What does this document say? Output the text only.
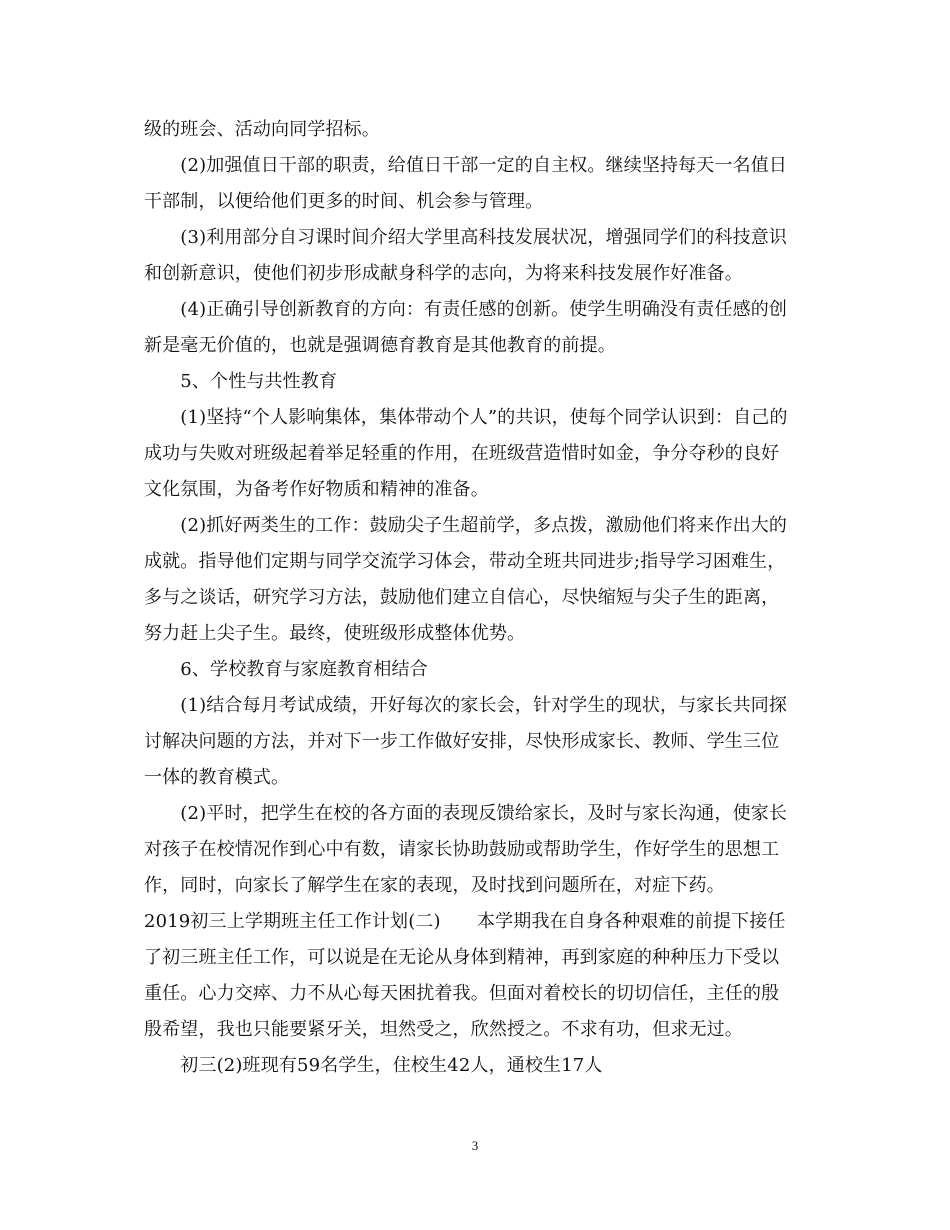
级的班会、活动向同学招标。
　　(2)加强值日干部的职责，给值日干部一定的自主权。继续坚持每天一名值日
干部制，以便给他们更多的时间、机会参与管理。
　　(3)利用部分自习课时间介绍大学里高科技发展状况，增强同学们的科技意识
和创新意识，使他们初步形成献身科学的志向，为将来科技发展作好准备。
　　(4)正确引导创新教育的方向：有责任感的创新。使学生明确没有责任感的创
新是毫无价值的，也就是强调德育教育是其他教育的前提。
　　5、个性与共性教育
　　(1)坚持“个人影响集体，集体带动个人”的共识，使每个同学认识到：自己的
成功与失败对班级起着举足轻重的作用，在班级营造惜时如金，争分夺秒的良好
文化氛围，为备考作好物质和精神的准备。
　　(2)抓好两类生的工作：鼓励尖子生超前学，多点拨，激励他们将来作出大的
成就。指导他们定期与同学交流学习体会，带动全班共同进步;指导学习困难生，
多与之谈话，研究学习方法，鼓励他们建立自信心，尽快缩短与尖子生的距离，
努力赶上尖子生。最终，使班级形成整体优势。
　　6、学校教育与家庭教育相结合
　　(1)结合每月考试成绩，开好每次的家长会，针对学生的现状，与家长共同探
讨解决问题的方法，并对下一步工作做好安排，尽快形成家长、教师、学生三位
一体的教育模式。
　　(2)平时，把学生在校的各方面的表现反馈给家长，及时与家长沟通，使家长
对孩子在校情况作到心中有数，请家长协助鼓励或帮助学生，作好学生的思想工
作，同时，向家长了解学生在家的表现，及时找到问题所在，对症下药。
2019初三上学期班主任工作计划(二)　　本学期我在自身各种艰难的前提下接任
了初三班主任工作，可以说是在无论从身体到精神，再到家庭的种种压力下受以
重任。心力交瘁、力不从心每天困扰着我。但面对着校长的切切信任，主任的殷
殷希望，我也只能要紧牙关，坦然受之，欣然授之。不求有功，但求无过。
　　初三(2)班现有59名学生，住校生42人，通校生17人
3
